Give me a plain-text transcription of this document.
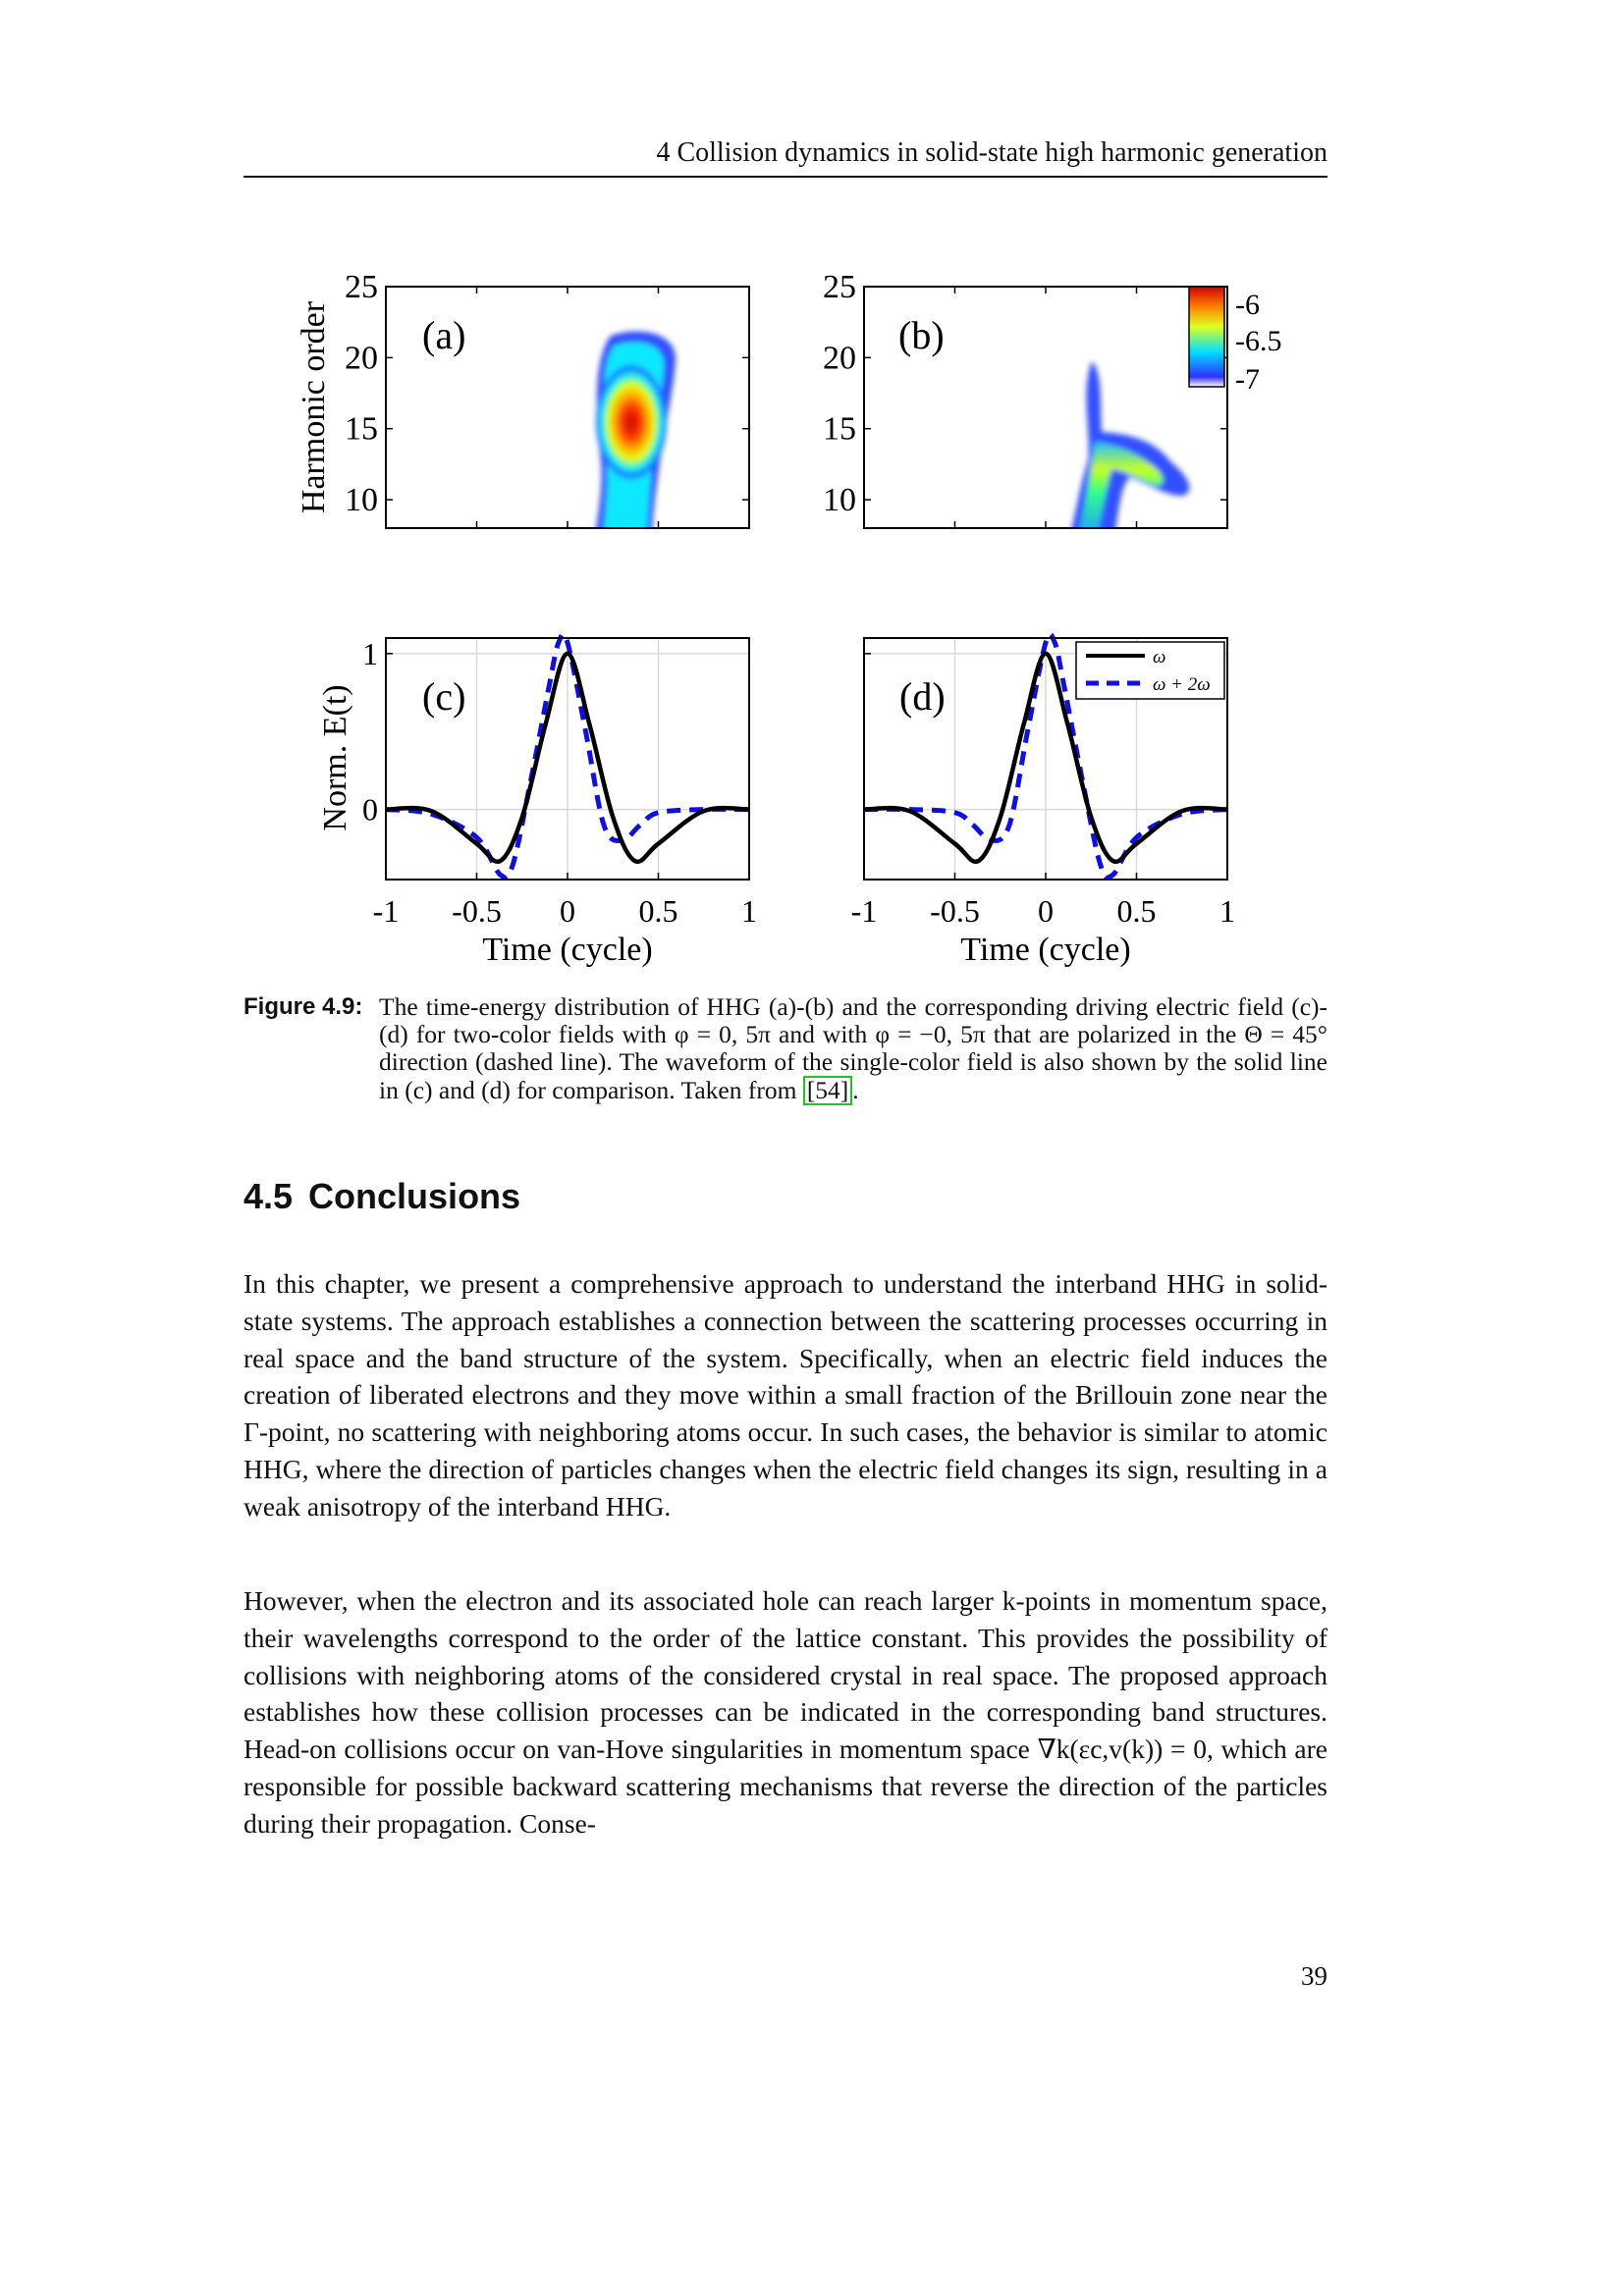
4 Collision dynamics in solid-state high harmonic generation
(a)
Harmonic order 10
15
20
25
(b)
10
15
20
25	-6
-6.5
-7
(c)
Norm. E(t) 0
1
-1 -0.5 0 0.5 1
Time (cycle)
(d)
-1 -0.5 0 0.5 1
Time (cycle)
ω
ω + 2ω
Figure 4.9: The time-energy distribution of HHG (a)-(b) and the corresponding driving electric field (c)-(d) for two-color fields with φ = 0, 5π and with φ = −0, 5π that are polarized in the Θ = 45° direction (dashed line). The waveform of the single-color field is also shown by the solid line in (c) and (d) for comparison. Taken from [54] .
4.5 Conclusions
In this chapter, we present a comprehensive approach to understand the interband HHG in solid-state systems. The approach establishes a connection between the scattering processes occurring in real space and the band structure of the system. Specifically, when an electric field induces the creation of liberated electrons and they move within a small fraction of the Brillouin zone near the Γ-point, no scattering with neighboring atoms occur. In such cases, the behavior is similar to atomic HHG, where the direction of particles changes when the electric field changes its sign, resulting in a weak anisotropy of the interband HHG.
However, when the electron and its associated hole can reach larger k-points in momentum space, their wavelengths correspond to the order of the lattice constant. This provides the possibility of collisions with neighboring atoms of the considered crystal in real space. The proposed approach establishes how these collision processes can be indicated in the corresponding band structures. Head-on collisions occur on van-Hove singularities in momentum space ∇k(εc,v(k)) = 0, which are responsible for possible backward scattering mechanisms that reverse the direction of the particles during their propagation. Conse-
39
